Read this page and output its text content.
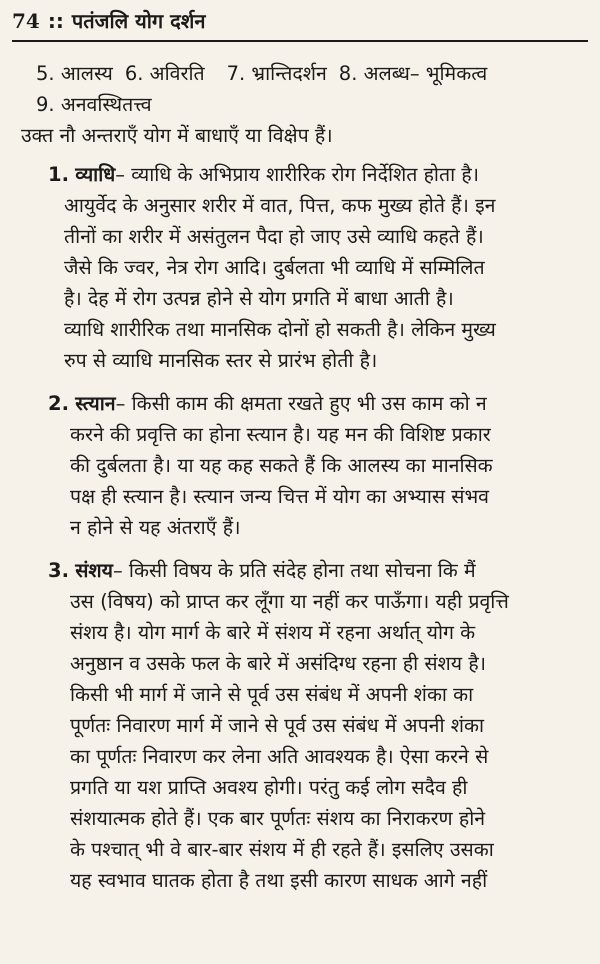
74 :: पतंजलि योग दर्शन
5. आलस्य 6. अविरति 7. भ्रान्तिदर्शन 8. अलब्ध– भूमिकत्व
9. अनवस्थितत्त्व
उक्त नौ अन्तराएँ योग में बाधाएँ या विक्षेप हैं।
1. व्याधि– व्याधि के अभिप्राय शारीरिक रोग निर्देशित होता है।
आयुर्वेद के अनुसार शरीर में वात, पित्त, कफ मुख्य होते हैं। इन
तीनों का शरीर में असंतुलन पैदा हो जाए उसे व्याधि कहते हैं।
जैसे कि ज्वर, नेत्र रोग आदि। दुर्बलता भी व्याधि में सम्मिलित
है। देह में रोग उत्पन्न होने से योग प्रगति में बाधा आती है।
व्याधि शारीरिक तथा मानसिक दोनों हो सकती है। लेकिन मुख्य
रुप से व्याधि मानसिक स्तर से प्रारंभ होती है।
2. स्त्यान– किसी काम की क्षमता रखते हुए भी उस काम को न
करने की प्रवृत्ति का होना स्त्यान है। यह मन की विशिष्ट प्रकार
की दुर्बलता है। या यह कह सकते हैं कि आलस्य का मानसिक
पक्ष ही स्त्यान है। स्त्यान जन्य चित्त में योग का अभ्यास संभव
न होने से यह अंतराएँ हैं।
3. संशय– किसी विषय के प्रति संदेह होना तथा सोचना कि मैं
उस (विषय) को प्राप्त कर लूँगा या नहीं कर पाऊँगा। यही प्रवृत्ति
संशय है। योग मार्ग के बारे में संशय में रहना अर्थात् योग के
अनुष्ठान व उसके फल के बारे में असंदिग्ध रहना ही संशय है।
किसी भी मार्ग में जाने से पूर्व उस संबंध में अपनी शंका का
पूर्णतः निवारण मार्ग में जाने से पूर्व उस संबंध में अपनी शंका
का पूर्णतः निवारण कर लेना अति आवश्यक है। ऐसा करने से
प्रगति या यश प्राप्ति अवश्य होगी। परंतु कई लोग सदैव ही
संशयात्मक होते हैं। एक बार पूर्णतः संशय का निराकरण होने
के पश्चात् भी वे बार-बार संशय में ही रहते हैं। इसलिए उसका
यह स्वभाव घातक होता है तथा इसी कारण साधक आगे नहीं
